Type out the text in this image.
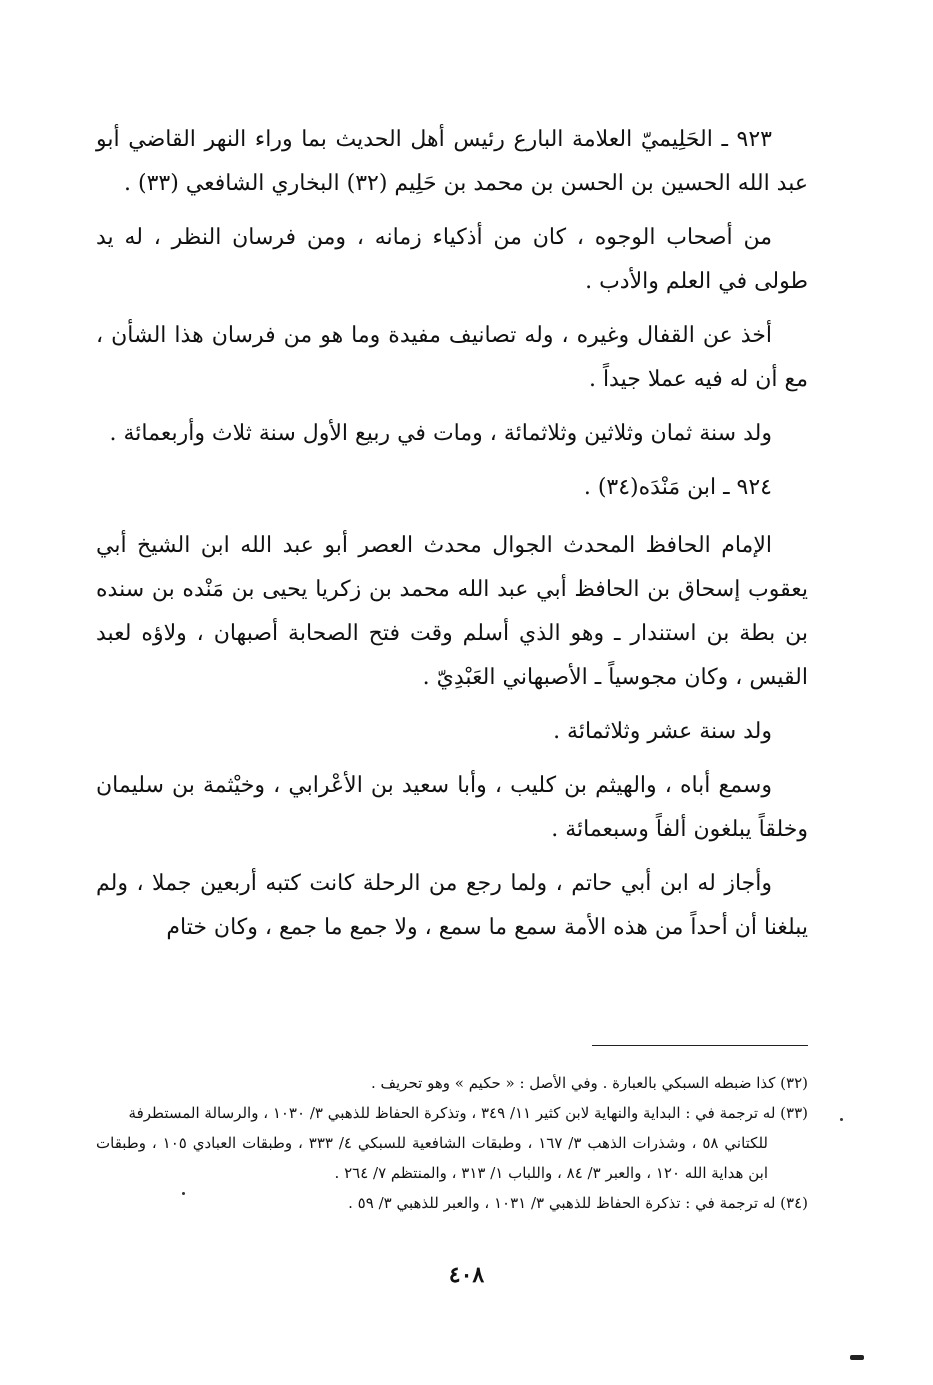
٩٢٣ ـ الحَلِيميّ العلامة البارع رئيس أهل الحديث بما وراء النهر القاضي أبو عبد الله الحسين بن الحسن بن محمد بن حَلِيم (٣٢) البخاري الشافعي (٣٣) .

من أصحاب الوجوه ، كان من أذكياء زمانه ، ومن فرسان النظر ، له يد طولى في العلم والأدب .

أخذ عن القفال وغيره ، وله تصانيف مفيدة وما هو من فرسان هذا الشأن ، مع أن له فيه عملا جيداً .

ولد سنة ثمان وثلاثين وثلاثمائة ، ومات في ربيع الأول سنة ثلاث وأربعمائة .

٩٢٤ ـ ابن مَنْدَه(٣٤) .

الإمام الحافظ المحدث الجوال محدث العصر أبو عبد الله ابن الشيخ أبي يعقوب إسحاق بن الحافظ أبي عبد الله محمد بن زكريا يحيى بن مَنْده بن سنده بن بطة بن استندار ـ وهو الذي أسلم وقت فتح الصحابة أصبهان ، ولاؤه لعبد القيس ، وكان مجوسياً ـ الأصبهاني العَبْدِيّ .

ولد سنة عشر وثلاثمائة .

وسمع أباه ، والهيثم بن كليب ، وأبا سعيد بن الأعْرابي ، وخيْثمة بن سليمان وخلقاً يبلغون ألفاً وسبعمائة .

وأجاز له ابن أبي حاتم ، ولما رجع من الرحلة كانت كتبه أربعين جملا ، ولم يبلغنا أن أحداً من هذه الأمة سمع ما سمع ، ولا جمع ما جمع ، وكان ختام

(٣٢) كذا ضبطه السبكي بالعبارة . وفي الأصل : « حكيم » وهو تحريف .

(٣٣) له ترجمة في : البداية والنهاية لابن كثير ١١/ ٣٤٩ ، وتذكرة الحفاظ للذهبي ٣/ ١٠٣٠ ، والرسالة المستطرفة
للكتاني ٥٨ ، وشذرات الذهب ٣/ ١٦٧ ، وطبقات الشافعية للسبكي ٤/ ٣٣٣ ، وطبقات العبادي ١٠٥ ، وطبقات ابن هداية الله ١٢٠ ، والعبر ٣/ ٨٤ ، واللباب ١/ ٣١٣ ، والمنتظم ٧/ ٢٦٤ .

(٣٤) له ترجمة في : تذكرة الحفاظ للذهبي ٣/ ١٠٣١ ، والعبر للذهبي ٣/ ٥٩ .

٤٠٨
